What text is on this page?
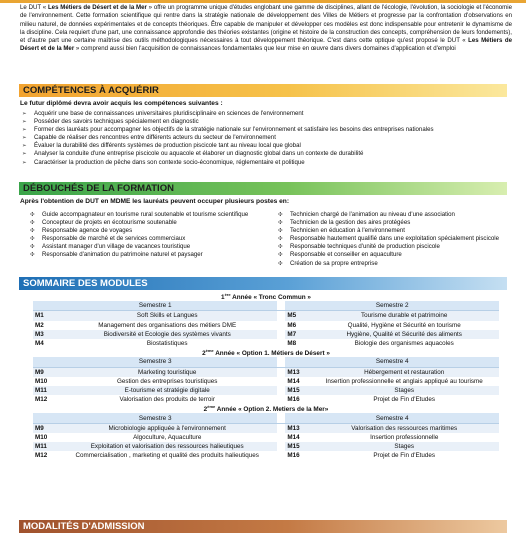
Le DUT « Les Métiers de Désert et de la Mer » offre un programme unique d'études englobant une gamme de disciplines, allant de l'écologie, l'évolution, la sociologie et l'économie de l'environnement. Cette formation scientifique qui rentre dans la stratégie nationale de développement des Villes de Métiers et progresse par la confrontation d'observations en milieu naturel, de données expérimentales et de concepts théoriques. Être capable de manipuler et développer ces modèles est donc indispensable pour entretenir le dynamisme de la discipline. Cela requiert d'une part, une connaissance approfondie des théories existantes (origine et histoire de la construction des concepts, compréhension de leurs fondements), et d'autre part une certaine maîtrise des outils méthodologiques nécessaires à tout développement théorique. C'est dans cette optique qu'est proposé le DUT « Les Métiers de Désert et de la Mer » comprend aussi bien l'acquisition de connaissances fondamentales que leur mise en œuvre dans divers domaines d'application et d'emploi
COMPÉTENCES À ACQUÉRIR
Le futur diplômé devra avoir acquis les compétences suivantes :
➢ Acquérir une base de connaissances universitaires pluridisciplinaire en sciences de l'environnement
➢ Posséder des savoirs techniques spécialement en diagnostic
➢ Former des lauréats pour accompagner les objectifs de la stratégie nationale sur l'environnement et satisfaire les besoins des entreprises nationales
➢ Capable de réaliser des rencontres entre différents acteurs du secteur de l'environnement
➢ Évaluer la durabilité des différents systèmes de production piscicole tant au niveau local que global
➢ Analyser la conduite d'une entreprise piscicole ou aquacole et élaborer un diagnostic global dans un contexte de durabilité
➢ Caractériser la production de pêche dans son contexte socio-économique, réglementaire et politique
DÉBOUCHÉS DE LA FORMATION
Après l'obtention de DUT en MDME les lauréats peuvent occuper plusieurs postes en:
✣ Guide accompagnateur en tourisme rural soutenable et tourisme scientifique
✣ Concepteur de projets en écotourisme soutenable
✣ Responsable agence de voyages
✣ Responsable de marché et de services commerciaux
✣ Assistant manager d'un village de vacances touristique
✣ Responsable d'animation du patrimoine naturel et paysager
✣ Technicien chargé de l'animation au niveau d'une association
✣ Technicien de la gestion des aires protégées
✣ Technicien en éducation à l'environnement
✣ Responsable hautement qualifié dans une exploitation spécialement piscicole
✣ Responsable techniques d'unité de production piscicole
✣ Responsable et conseiller en aquaculture
✣ Création de sa propre entreprise
SOMMAIRE DES MODULES
1ère Année « Tronc Commun »				
Semestre 1			Semestre 2	
M1	Soft Skills et Langues		M5	Tourisme durable et patrimoine
M2	Management des organisations des métiers DME		M6	Qualité, Hygiène et Sécurité en tourisme
M3	Biodiversité et Ecologie des systèmes vivants		M7	Hygiène, Qualité et Sécurité des aliments
M4	Biostatistiques		M8	Biologie des organismes aquacoles
2ème Année « Option 1. Métiers de Désert »				
Semestre 3			Semestre 4	
M9	Marketing touristique		M13	Hébergement et restauration
M10	Gestion des entreprises touristiques		M14	Insertion professionnelle et anglais appliqué au tourisme
M11	E-tourisme et stratégie digitale		M15	Stages
M12	Valorisation des produits de terroir		M16	Projet de Fin d'Etudes
2ème Année « Option 2. Metiers de la Mer»				
Semestre 3			Semestre 4	
M9	Microbiologie appliquée à l'environnement		M13	Valorisation des ressources maritimes
M10	Algoculture, Aquaculture		M14	Insertion professionnelle
M11	Exploitation et valorisation des ressources halieutiques		M15	Stages
M12	Commercialisation , marketing et qualité des produits halieutiques		M16	Projet de Fin d'Etudes
MODALITÉS D'ADMISSION
